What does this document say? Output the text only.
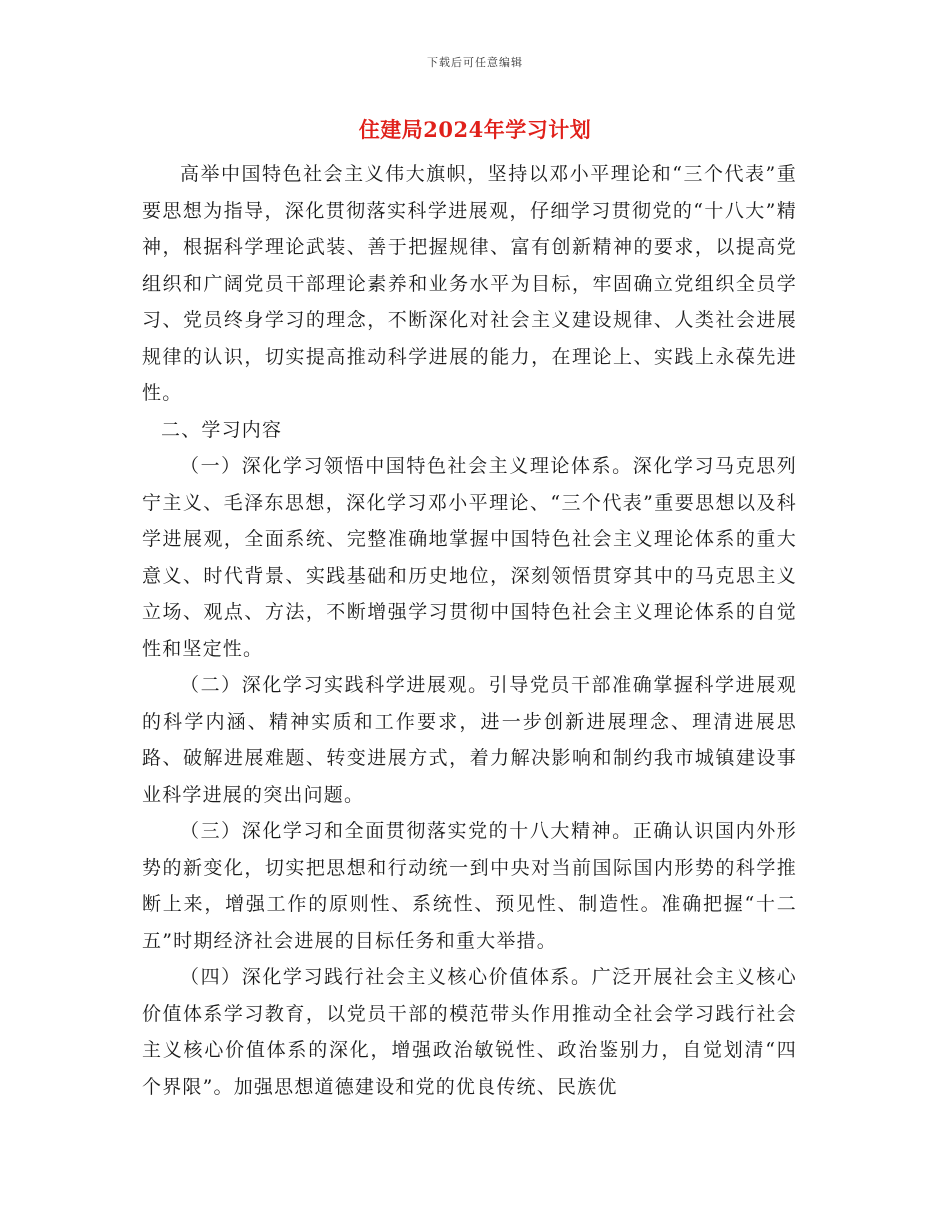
下载后可任意编辑
住建局2024年学习计划

高举中国特色社会主义伟大旗帜，坚持以邓小平理论和“三个代表”重要思想为指导，深化贯彻落实科学进展观，仔细学习贯彻党的“十八大”精神，根据科学理论武装、善于把握规律、富有创新精神的要求，以提高党组织和广阔党员干部理论素养和业务水平为目标，牢固确立党组织全员学习、党员终身学习的理念，不断深化对社会主义建设规律、人类社会进展规律的认识，切实提高推动科学进展的能力，在理论上、实践上永葆先进性。

二、学习内容

（一）深化学习领悟中国特色社会主义理论体系。深化学习马克思列宁主义、毛泽东思想，深化学习邓小平理论、“三个代表”重要思想以及科学进展观，全面系统、完整准确地掌握中国特色社会主义理论体系的重大意义、时代背景、实践基础和历史地位，深刻领悟贯穿其中的马克思主义立场、观点、方法，不断增强学习贯彻中国特色社会主义理论体系的自觉性和坚定性。

（二）深化学习实践科学进展观。引导党员干部准确掌握科学进展观的科学内涵、精神实质和工作要求，进一步创新进展理念、理清进展思路、破解进展难题、转变进展方式，着力解决影响和制约我市城镇建设事业科学进展的突出问题。

（三）深化学习和全面贯彻落实党的十八大精神。正确认识国内外形势的新变化，切实把思想和行动统一到中央对当前国际国内形势的科学推断上来，增强工作的原则性、系统性、预见性、制造性。准确把握“十二五”时期经济社会进展的目标任务和重大举措。

（四）深化学习践行社会主义核心价值体系。广泛开展社会主义核心价值体系学习教育，以党员干部的模范带头作用推动全社会学习践行社会主义核心价值体系的深化，增强政治敏锐性、政治鉴别力，自觉划清“四个界限”。加强思想道德建设和党的优良传统、民族优
